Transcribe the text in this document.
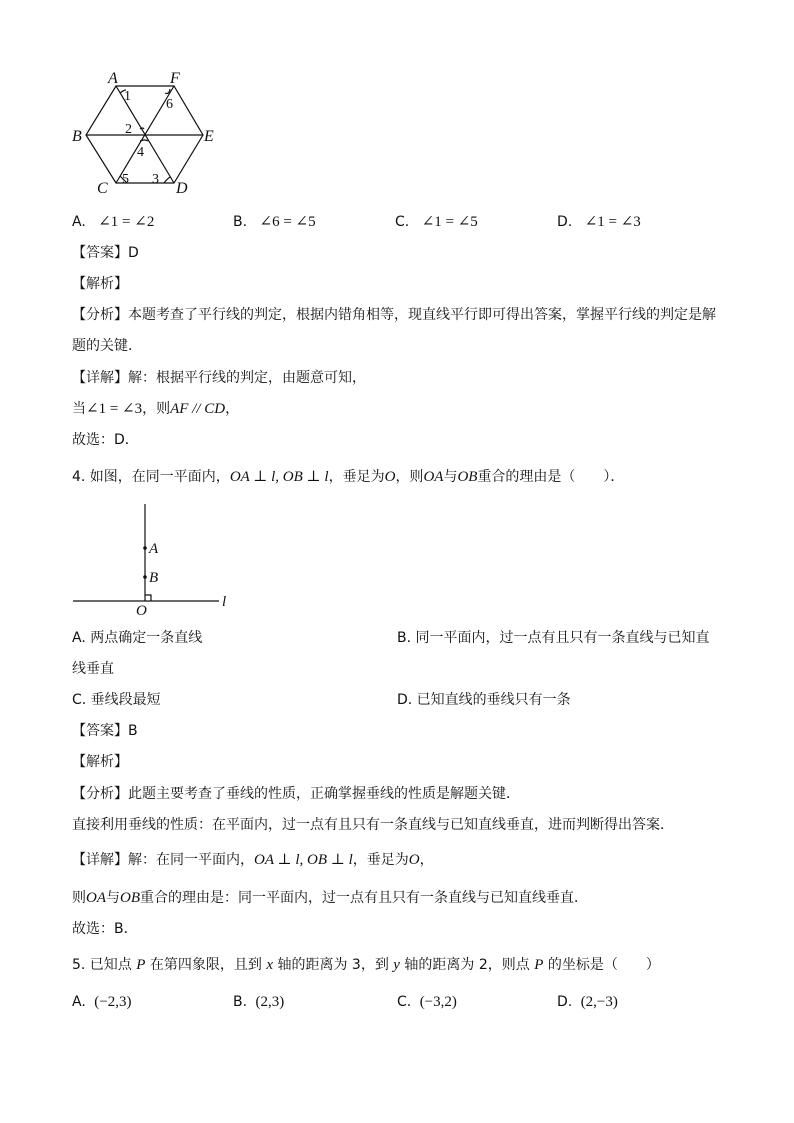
A	F
B	E
C	D
1
6
2
4
5 3
A. ∠1 = ∠2	B. ∠6 = ∠5	C. ∠1 = ∠5	D. ∠1 = ∠3
【答案】D
【解析】
【分析】本题考查了平行线的判定，根据内错角相等，现直线平行即可得出答案，掌握平行线的判定是解
题的关键．
【详解】解：根据平行线的判定，由题意可知，
当∠1 = ∠3，则AF // CD，
故选：D．
4. 如图，在同一平面内，OA ⊥ l, OB ⊥ l，垂足为O，则OA与OB重合的理由是（　　）．
A
B
O
l
A. 两点确定一条直线	B. 同一平面内，过一点有且只有一条直线与已知直
线垂直
C. 垂线段最短	D. 已知直线的垂线只有一条
【答案】B
【解析】
【分析】此题主要考查了垂线的性质，正确掌握垂线的性质是解题关键．
直接利用垂线的性质：在平面内，过一点有且只有一条直线与已知直线垂直，进而判断得出答案．
【详解】解：在同一平面内，OA ⊥ l, OB ⊥ l，垂足为O，
则OA与OB重合的理由是：同一平面内，过一点有且只有一条直线与已知直线垂直．
故选：B．
5. 已知点 P 在第四象限，且到 x 轴的距离为 3，到 y 轴的距离为 2，则点 P 的坐标是（　　）
A. (−2,3)	B. (2,3)	C. (−3,2)	D. (2,−3)
